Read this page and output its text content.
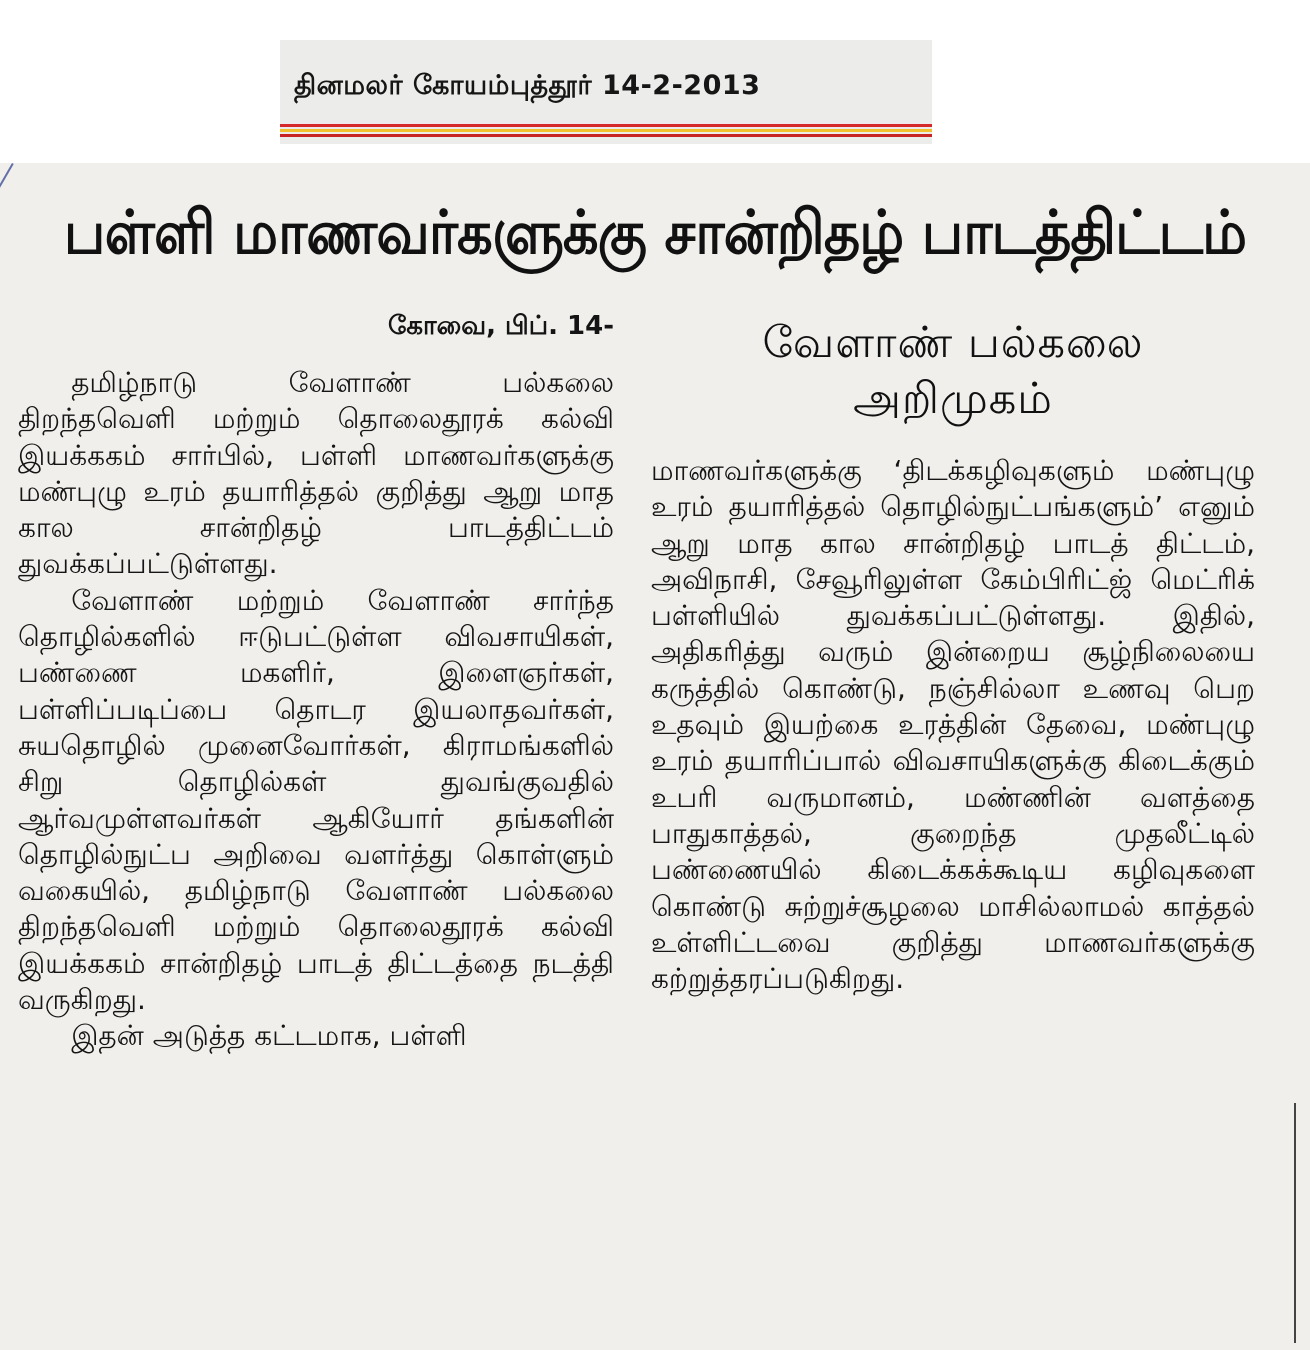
தினமலர் கோயம்புத்தூர் 14-2-2013
பள்ளி மாணவர்களுக்கு சான்றிதழ் பாடத்திட்டம்
கோவை, பிப். 14-	வேளாண் பல்கலை
அறிமுகம்

தமிழ்நாடு வேளாண் பல்கலை திறந்தவெளி மற்றும் தொலைதூரக் கல்வி இயக்ககம் சார்பில், பள்ளி மாணவர்களுக்கு மண்புழு உரம் தயாரித்தல் குறித்து ஆறு மாத கால சான்றிதழ் பாடத்திட்டம் துவக்கப்பட்டுள்ளது.

வேளாண் மற்றும் வேளாண் சார்ந்த தொழில்களில் ஈடுபட்டுள்ள விவசாயிகள், பண்ணை மகளிர், இளைஞர்கள், பள்ளிப்படிப்பை தொடர இயலாதவர்கள், சுயதொழில் முனைவோர்கள், கிராமங்களில் சிறு தொழில்கள் துவங்குவதில் ஆர்வமுள்ளவர்கள் ஆகியோர் தங்களின் தொழில்நுட்ப அறிவை வளர்த்து கொள்ளும் வகையில், தமிழ்நாடு வேளாண் பல்கலை திறந்தவெளி மற்றும் தொலைதூரக் கல்வி இயக்ககம் சான்றிதழ் பாடத் திட்டத்தை நடத்தி வருகிறது.

இதன் அடுத்த கட்டமாக, பள்ளி

மாணவர்களுக்கு ‘திடக்கழிவுகளும் மண்புழு உரம் தயாரித்தல் தொழில்நுட்பங்களும்’ எனும் ஆறு மாத கால சான்றிதழ் பாடத் திட்டம், அவிநாசி, சேவூரிலுள்ள கேம்பிரிட்ஜ் மெட்ரிக் பள்ளியில் துவக்கப்பட்டுள்ளது. இதில், அதிகரித்து வரும் இன்றைய சூழ்நிலையை கருத்தில் கொண்டு, நஞ்சில்லா உணவு பெற உதவும் இயற்கை உரத்தின் தேவை, மண்புழு உரம் தயாரிப்பால் விவசாயிகளுக்கு கிடைக்கும் உபரி வருமானம், மண்ணின் வளத்தை பாதுகாத்தல், குறைந்த முதலீட்டில் பண்ணையில் கிடைக்கக்கூடிய கழிவுகளை கொண்டு சுற்றுச்சூழலை மாசில்லாமல் காத்தல் உள்ளிட்டவை குறித்து மாணவர்களுக்கு கற்றுத்தரப்படுகிறது.
